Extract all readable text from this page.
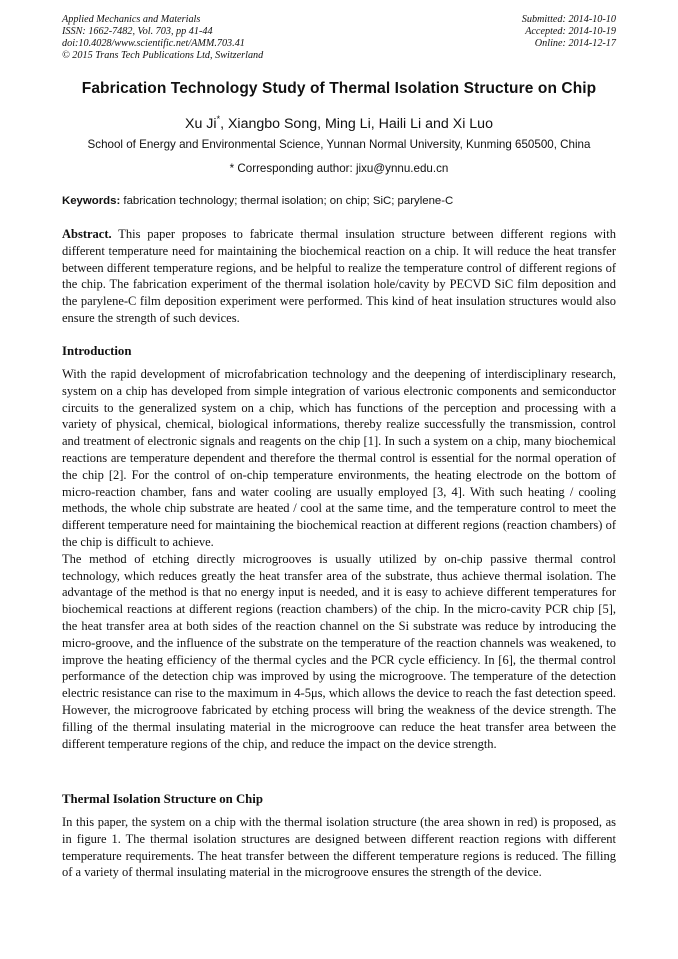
Applied Mechanics and Materials
ISSN: 1662-7482, Vol. 703, pp 41-44
doi:10.4028/www.scientific.net/AMM.703.41
© 2015 Trans Tech Publications Ltd, Switzerland
Submitted: 2014-10-10
Accepted: 2014-10-19
Online: 2014-12-17
Fabrication Technology Study of Thermal Isolation Structure on Chip
Xu Ji*, Xiangbo Song, Ming Li, Haili Li and Xi Luo
School of Energy and Environmental Science, Yunnan Normal University, Kunming 650500, China
* Corresponding author: jixu@ynnu.edu.cn
Keywords: fabrication technology; thermal isolation; on chip; SiC; parylene-C
Abstract. This paper proposes to fabricate thermal insulation structure between different regions with different temperature need for maintaining the biochemical reaction on a chip. It will reduce the heat transfer between different temperature regions, and be helpful to realize the temperature control of different regions of the chip. The fabrication experiment of the thermal isolation hole/cavity by PECVD SiC film deposition and the parylene-C film deposition experiment were performed. This kind of heat insulation structures would also ensure the strength of such devices.
Introduction

With the rapid development of microfabrication technology and the deepening of interdisciplinary research, system on a chip has developed from simple integration of various electronic components and semiconductor circuits to the generalized system on a chip, which has functions of the perception and processing with a variety of physical, chemical, biological informations, thereby realize successfully the transmission, control and treatment of electronic signals and reagents on the chip [1]. In such a system on a chip, many biochemical reactions are temperature dependent and therefore the thermal control is essential for the normal operation of the chip [2]. For the control of on-chip temperature environments, the heating electrode on the bottom of micro-reaction chamber, fans and water cooling are usually employed [3, 4]. With such heating / cooling methods, the whole chip substrate are heated / cool at the same time, and the temperature control to meet the different temperature need for maintaining the biochemical reaction at different regions (reaction chambers) of the chip is difficult to achieve.

The method of etching directly microgrooves is usually utilized by on-chip passive thermal control technology, which reduces greatly the heat transfer area of the substrate, thus achieve thermal isolation. The advantage of the method is that no energy input is needed, and it is easy to achieve different temperatures for biochemical reactions at different regions (reaction chambers) of the chip. In the micro-cavity PCR chip [5], the heat transfer area at both sides of the reaction channel on the Si substrate was reduce by introducing the micro-groove, and the influence of the substrate on the temperature of the reaction channels was weakened, to improve the heating efficiency of the thermal cycles and the PCR cycle efficiency. In [6], the thermal control performance of the detection chip was improved by using the microgroove. The temperature of the detection electric resistance can rise to the maximum in 4-5μs, which allows the device to reach the fast detection speed. However, the microgroove fabricated by etching process will bring the weakness of the device strength. The filling of the thermal insulating material in the microgroove can reduce the heat transfer area between the different temperature regions of the chip, and reduce the impact on the device strength.

Thermal Isolation Structure on Chip

In this paper, the system on a chip with the thermal isolation structure (the area shown in red) is proposed, as in figure 1. The thermal isolation structures are designed between different reaction regions with different temperature requirements. The heat transfer between the different temperature regions is reduced. The filling of a variety of thermal insulating material in the microgroove ensures the strength of the device.
